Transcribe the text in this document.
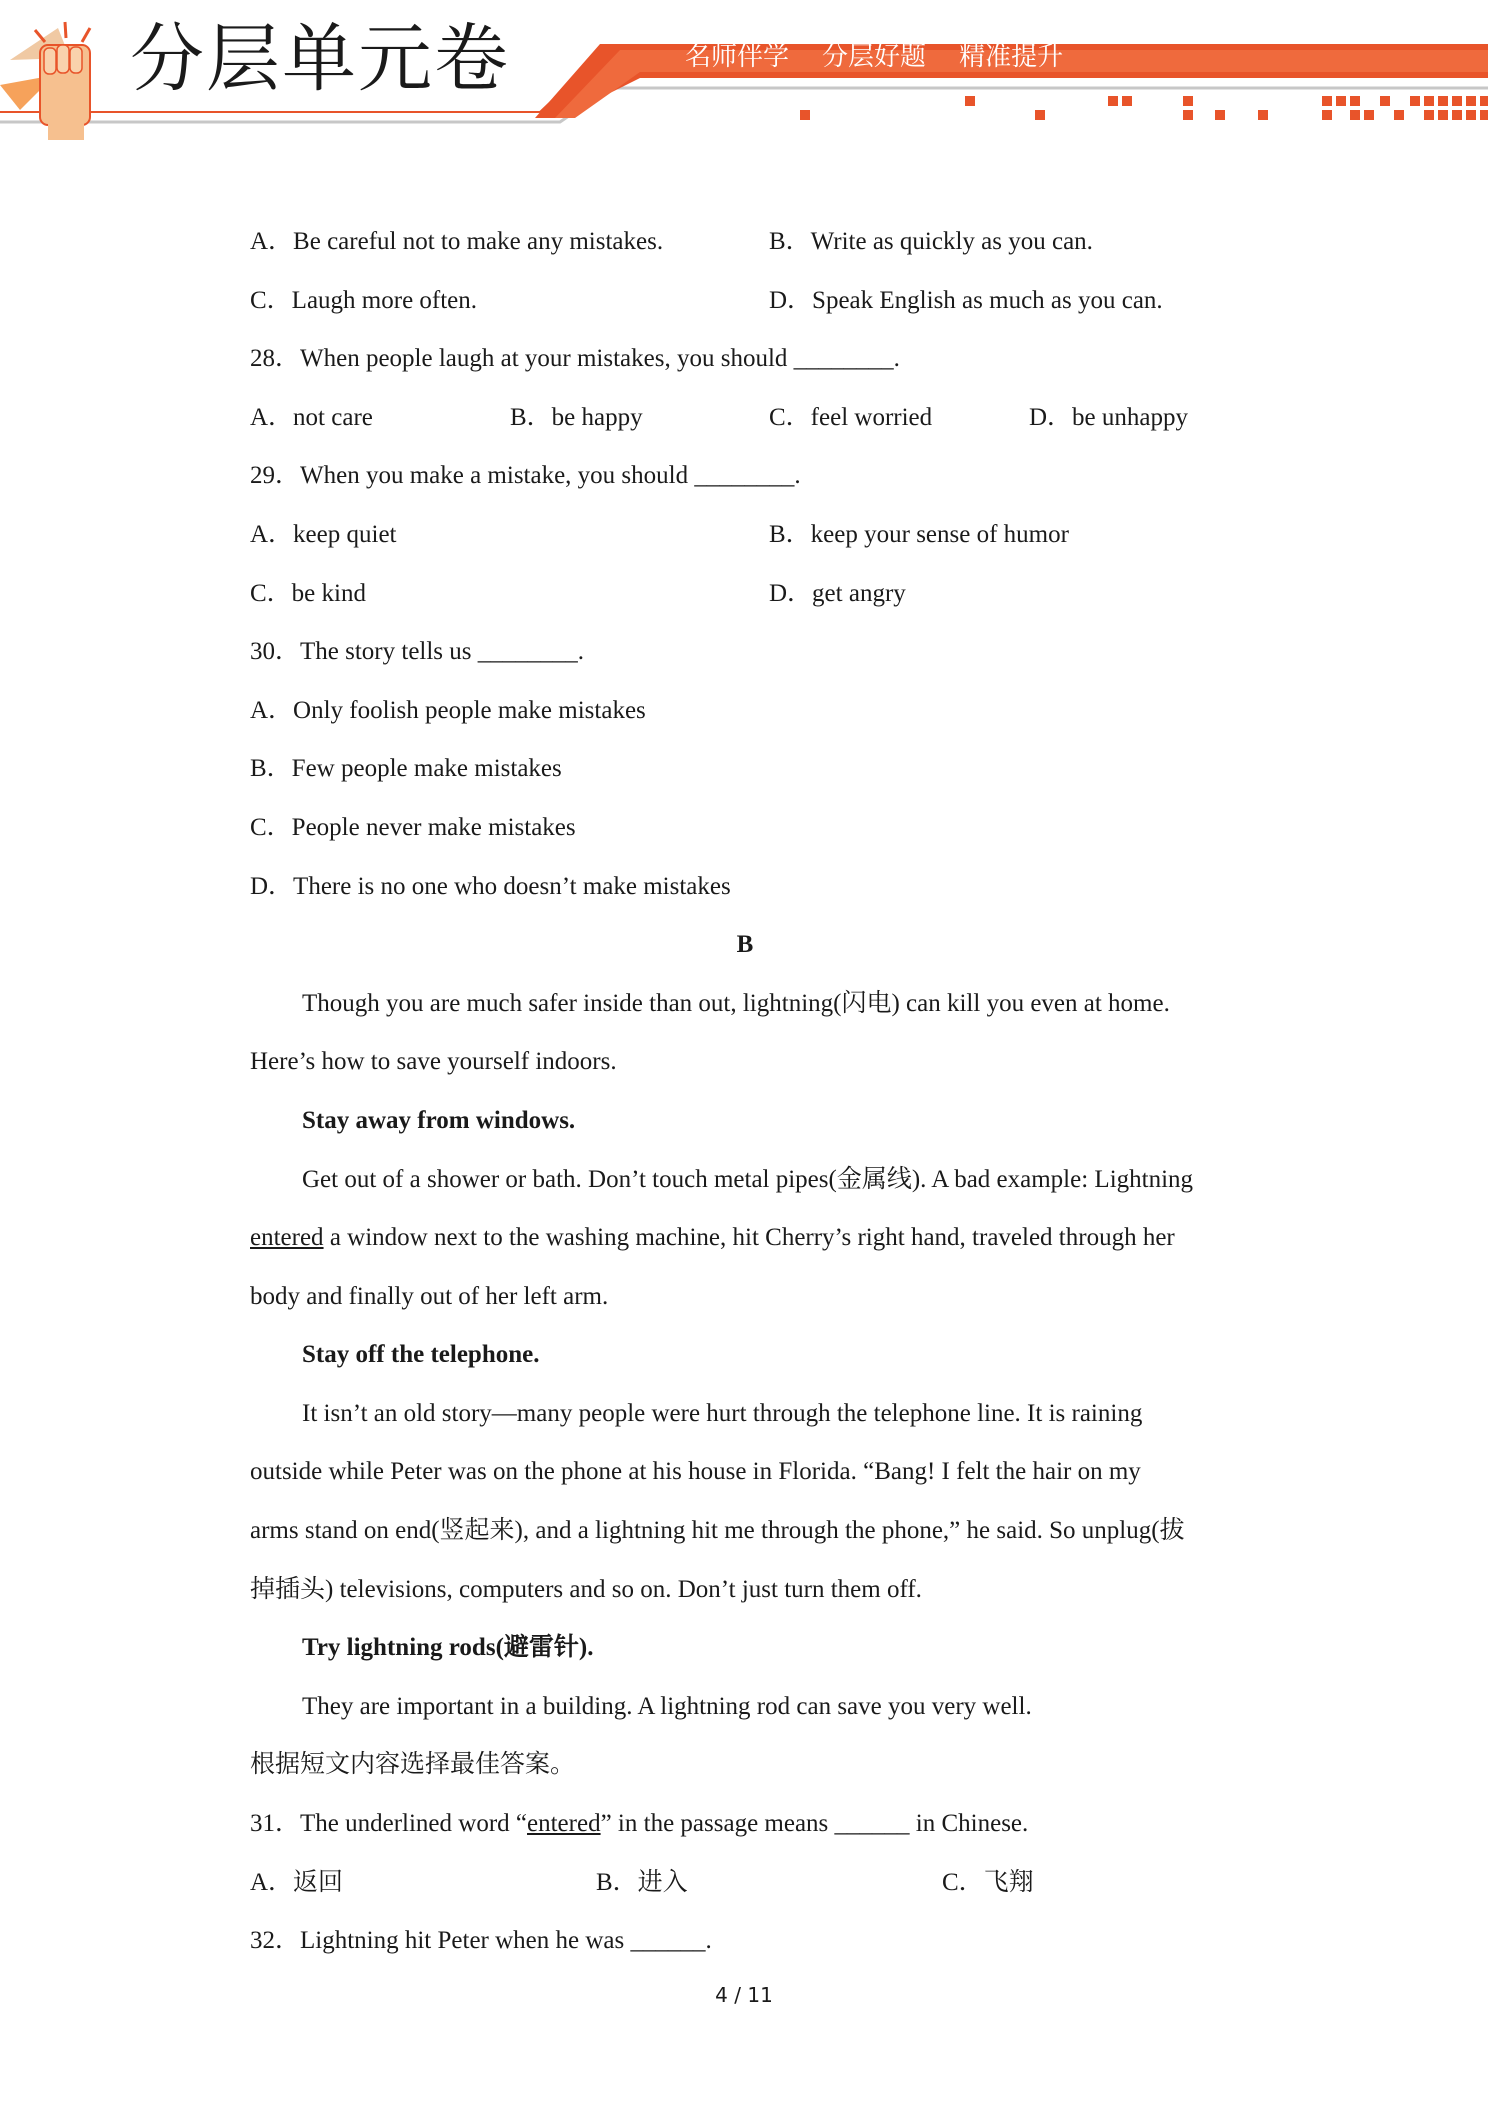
分层单元卷	名师伴学    分层好题    精准提升
A．Be careful not to make any mistakes.	B．Write as quickly as you can.
C．Laugh more often.	D．Speak English as much as you can.
28．When people laugh at your mistakes, you should ________.
A．not care	B．be happy	C．feel worried	D．be unhappy
29．When you make a mistake, you should ________.
A．keep quiet	B．keep your sense of humor
C．be kind	D．get angry
30．The story tells us ________.
A．Only foolish people make mistakes
B．Few people make mistakes
C．People never make mistakes
D．There is no one who doesn’t make mistakes
B
Though you are much safer inside than out, lightning(闪电) can kill you even at home.
Here’s how to save yourself indoors.
Stay away from windows.
Get out of a shower or bath. Don’t touch metal pipes(金属线). A bad example: Lightning
entered a window next to the washing machine, hit Cherry’s right hand, traveled through her
body and finally out of her left arm.
Stay off the telephone.
It isn’t an old story—many people were hurt through the telephone line. It is raining
outside while Peter was on the phone at his house in Florida. “Bang! I felt the hair on my
arms stand on end(竖起来), and a lightning hit me through the phone,” he said. So unplug(拔
掉插头) televisions, computers and so on. Don’t just turn them off.
Try lightning rods(避雷针).
They are important in a building. A lightning rod can save you very well.
根据短文内容选择最佳答案。
31．The underlined word “entered” in the passage means ______ in Chinese.
A．返回	B．进入	C．飞翔
32．Lightning hit Peter when he was ______.
4 / 11
